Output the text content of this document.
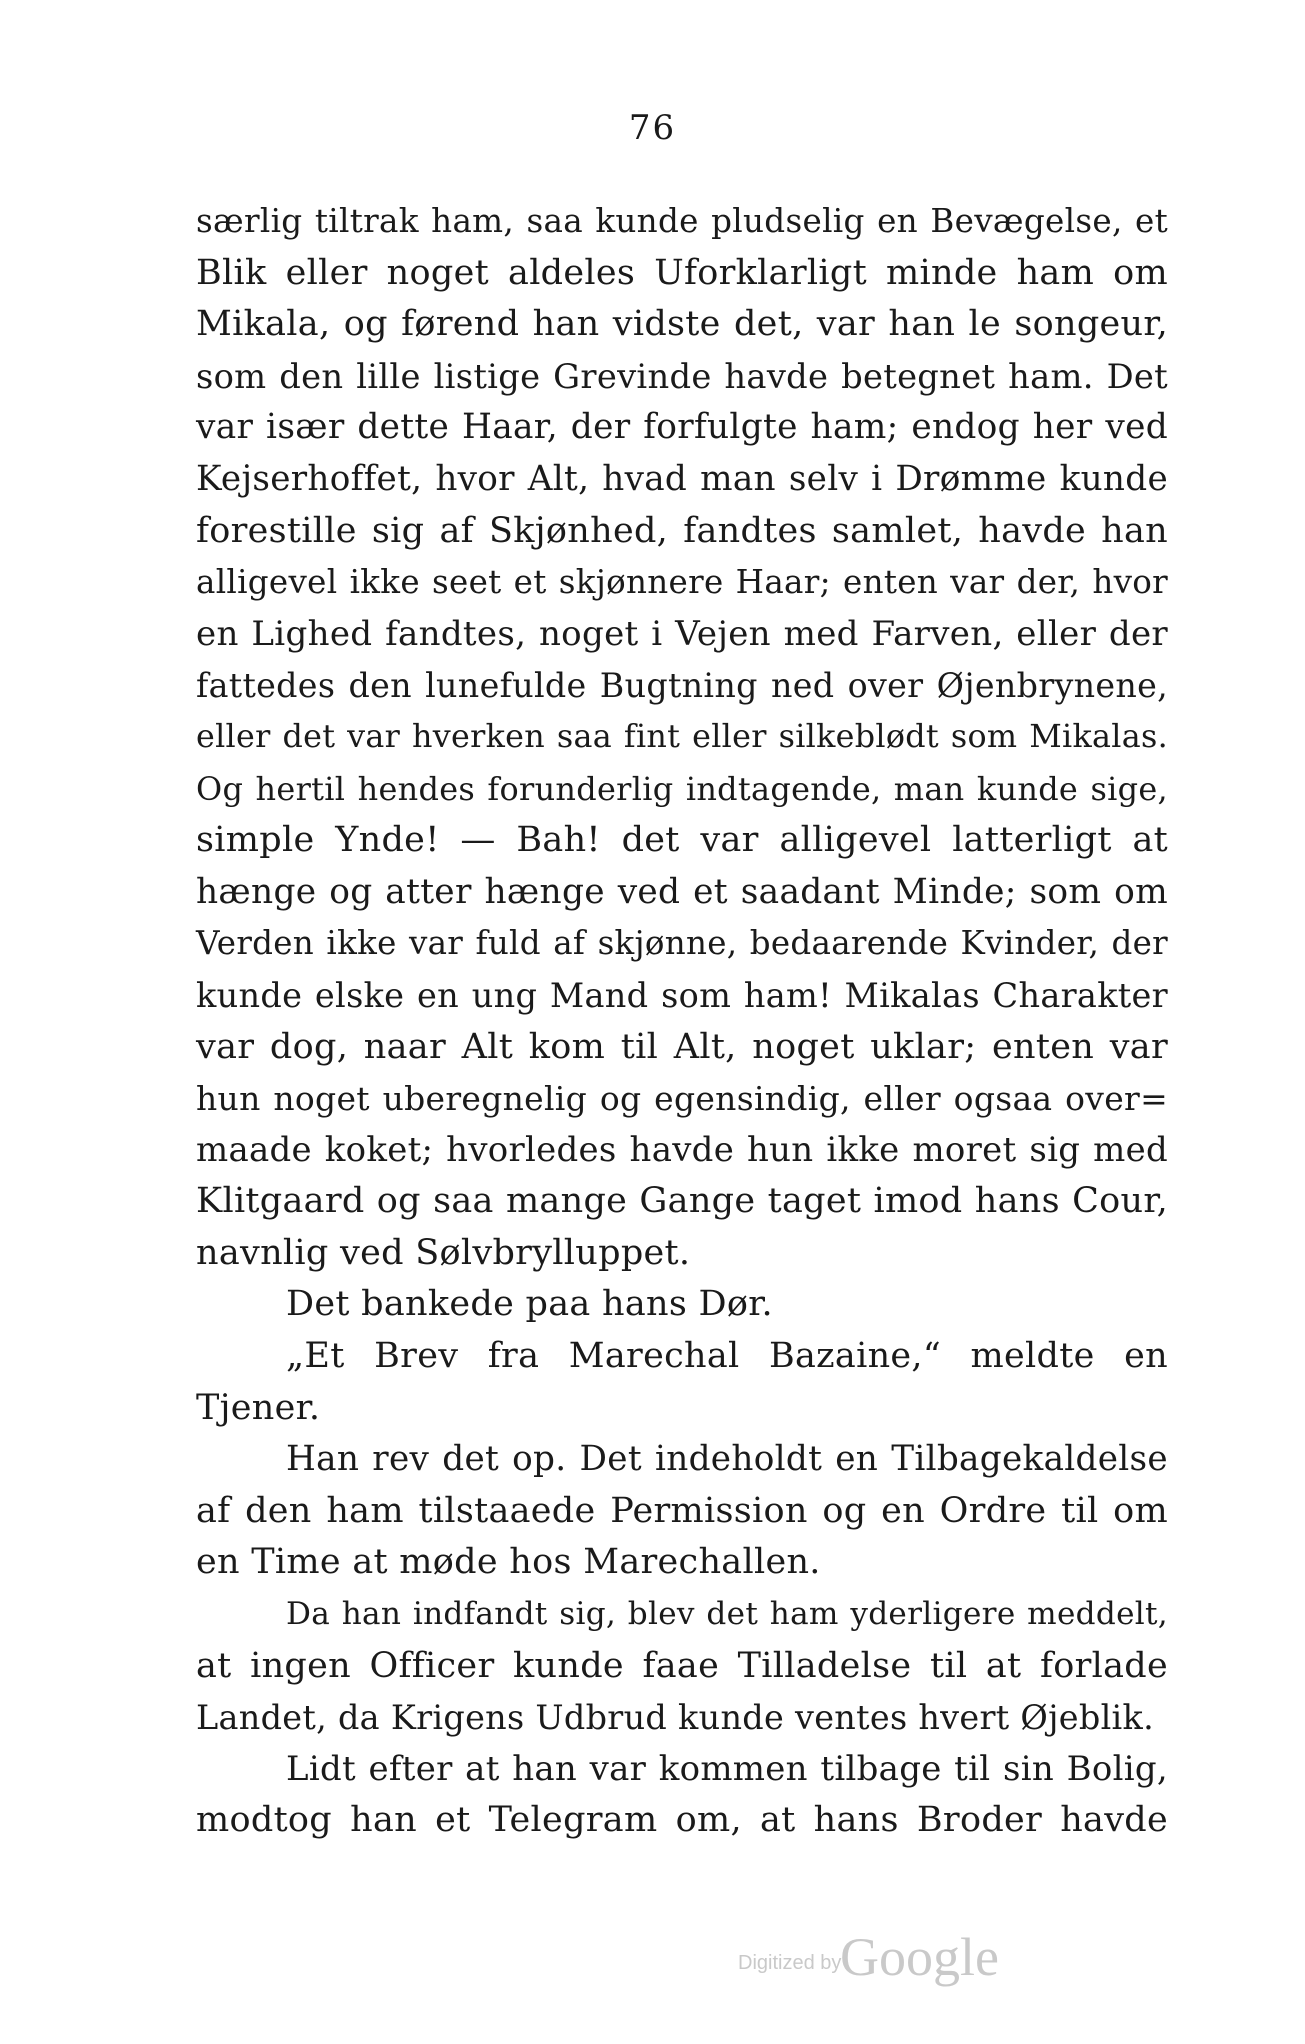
76
særlig tiltrak ham, saa kunde pludselig en Bevægelse, et
Blik eller noget aldeles Uforklarligt minde ham om
Mikala, og førend han vidste det, var han le songeur,
som den lille listige Grevinde havde betegnet ham. Det
var især dette Haar, der forfulgte ham; endog her ved
Kejserhoffet, hvor Alt, hvad man selv i Drømme kunde
forestille sig af Skjønhed, fandtes samlet, havde han
alligevel ikke seet et skjønnere Haar; enten var der, hvor
en Lighed fandtes, noget i Vejen med Farven, eller der
fattedes den lunefulde Bugtning ned over Øjenbrynene,
eller det var hverken saa fint eller silkeblødt som Mikalas.
Og hertil hendes forunderlig indtagende, man kunde sige,
simple Ynde! — Bah! det var alligevel latterligt at
hænge og atter hænge ved et saadant Minde; som om
Verden ikke var fuld af skjønne, bedaarende Kvinder, der
kunde elske en ung Mand som ham! Mikalas Charakter
var dog, naar Alt kom til Alt, noget uklar; enten var
hun noget uberegnelig og egensindig, eller ogsaa over=
maade koket; hvorledes havde hun ikke moret sig med
Klitgaard og saa mange Gange taget imod hans Cour,
navnlig ved Sølvbrylluppet.
Det bankede paa hans Dør.
„Et Brev fra Marechal Bazaine,“ meldte en
Tjener.
Han rev det op. Det indeholdt en Tilbagekaldelse
af den ham tilstaaede Permission og en Ordre til om
en Time at møde hos Marechallen.
Da han indfandt sig, blev det ham yderligere meddelt,
at ingen Officer kunde faae Tilladelse til at forlade
Landet, da Krigens Udbrud kunde ventes hvert Øjeblik.
Lidt efter at han var kommen tilbage til sin Bolig,
modtog han et Telegram om, at hans Broder havde
Digitized by
Google
